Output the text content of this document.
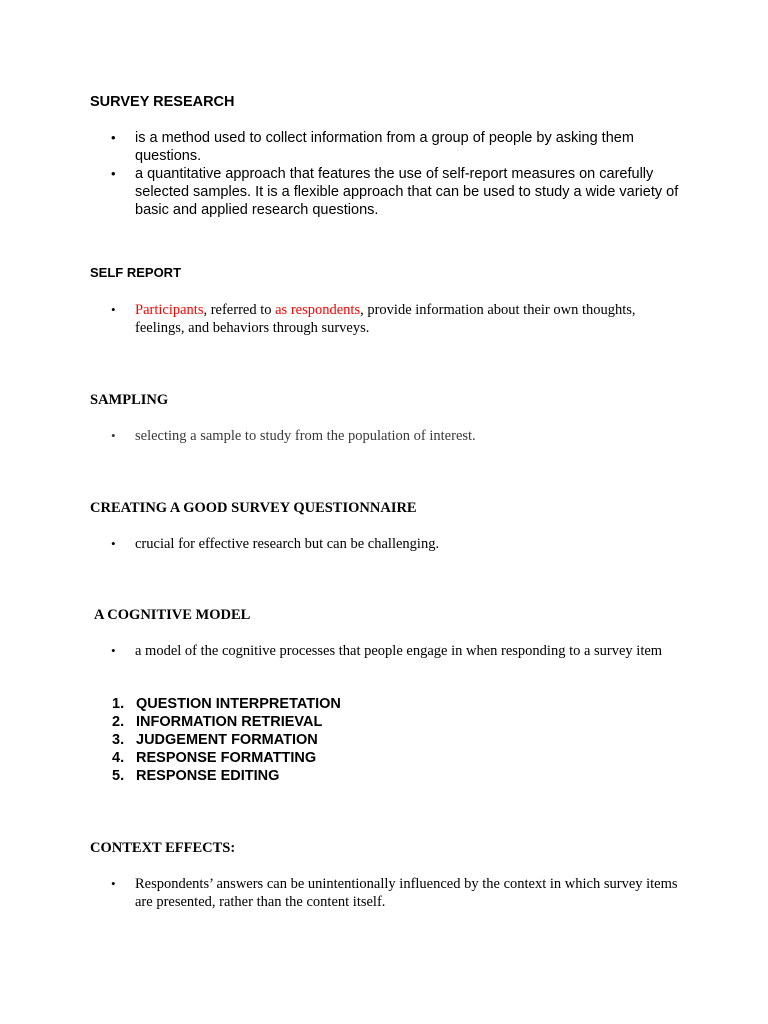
SURVEY RESEARCH
•	is a method used to collect information from a group of people by asking them questions.
•	a quantitative approach that features the use of self-report measures on carefully selected samples. It is a flexible approach that can be used to study a wide variety of basic and applied research questions.
SELF REPORT
•	Participants, referred to as respondents, provide information about their own thoughts, feelings, and behaviors through surveys.
SAMPLING
•	selecting a sample to study from the population of interest.
CREATING A GOOD SURVEY QUESTIONNAIRE
•	crucial for effective research but can be challenging.
A COGNITIVE MODEL
•	a model of the cognitive processes that people engage in when responding to a survey item
1. QUESTION INTERPRETATION
2. INFORMATION RETRIEVAL
3. JUDGEMENT FORMATION
4. RESPONSE FORMATTING
5. RESPONSE EDITING
CONTEXT EFFECTS:
•	Respondents’ answers can be unintentionally influenced by the context in which survey items are presented, rather than the content itself.
